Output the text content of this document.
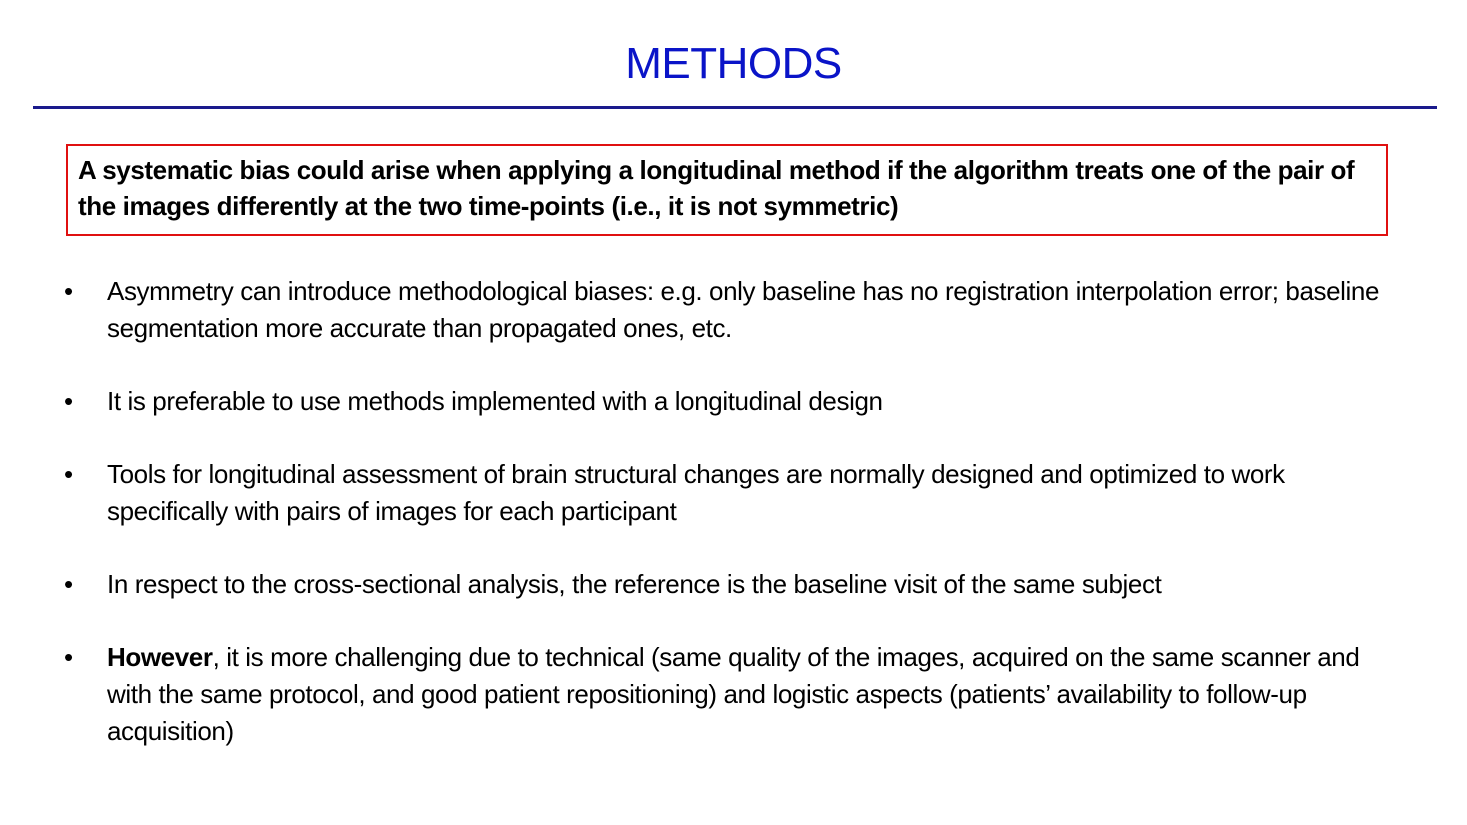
METHODS
A systematic bias could arise when applying a longitudinal method if the algorithm treats one of the pair of the images differently at the two time-points (i.e., it is not symmetric)
•	Asymmetry can introduce methodological biases: e.g. only baseline has no registration interpolation error; baseline segmentation more accurate than propagated ones, etc.
•	It is preferable to use methods implemented with a longitudinal design
•	Tools for longitudinal assessment of brain structural changes are normally designed and optimized to work specifically with pairs of images for each participant
•	In respect to the cross-sectional analysis, the reference is the baseline visit of the same subject
•	However, it is more challenging due to technical (same quality of the images, acquired on the same scanner and with the same protocol, and good patient repositioning) and logistic aspects (patients’ availability to follow-up acquisition)
